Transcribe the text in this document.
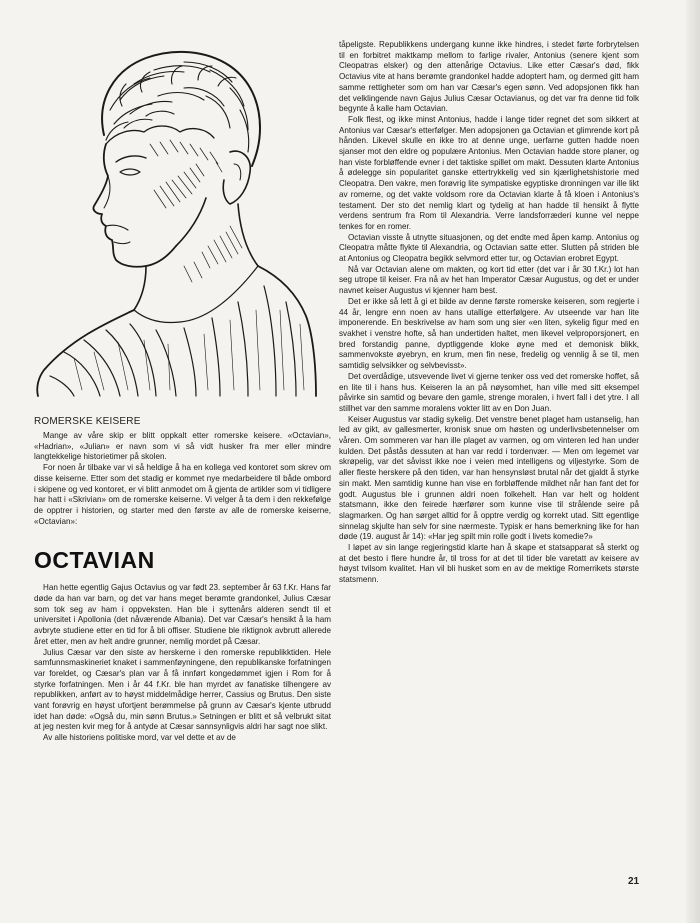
ROMERSKE KEISERE

Mange av våre skip er blitt oppkalt etter romerske keisere. «Octavian», «Hadrian», «Julian» er navn som vi så vidt husker fra mer eller mindre langtekkelige historietimer på skolen.

For noen år tilbake var vi så heldige å ha en kollega ved kontoret som skrev om disse keiserne. Etter som det stadig er kommet nye medarbeidere til både ombord i skipene og ved kontoret, er vi blitt anmodet om å gjenta de artikler som vi tidligere har hatt i «Skrivian» om de romerske keiserne. Vi velger å ta dem i den rekkefølge de opptrer i historien, og starter med den første av alle de romerske keiserne, «Octavian»:

OCTAVIAN

Han hette egentlig Gajus Octavius og var født 23. september år 63 f.Kr. Hans far døde da han var barn, og det var hans meget berømte grandonkel, Julius Cæsar som tok seg av ham i oppveksten. Han ble i syttenårs alderen sendt til et universitet i Apollonia (det nåværende Albania). Det var Cæsar's hensikt å la ham avbryte studiene etter en tid for å bli offiser. Studiene ble riktignok avbrutt allerede året etter, men av helt andre grunner, nemlig mordet på Cæsar.

Julius Cæsar var den siste av herskerne i den romerske republikktiden. Hele samfunnsmaskineriet knaket i sammenføyningene, den republikanske forfatningen var foreldet, og Cæsar's plan var å få innført kongedømmet igjen i Rom for å styrke forfatningen. Men i år 44 f.Kr. ble han myrdet av fanatiske tilhengere av republikken, anført av to høyst middelmådige herrer, Cassius og Brutus. Den siste vant forøvrig en høyst ufortjent berømmelse på grunn av Cæsar's kjente utbrudd idet han døde: «Også du, min sønn Brutus.» Setningen er blitt et så velbrukt sitat at jeg nesten kvir meg for å antyde at Cæsar sannsynligvis aldri har sagt noe slikt.

Av alle historiens politiske mord, var vel dette et av de

tåpeligste. Republikkens undergang kunne ikke hindres, i stedet førte forbrytelsen til en forbitret maktkamp mellom to farlige rivaler, Antonius (senere kjent som Cleopatras elsker) og den attenårige Octavius. Like etter Cæsar's død, fikk Octavius vite at hans berømte grandonkel hadde adoptert ham, og dermed gitt ham samme rettigheter som om han var Cæsar's egen sønn. Ved adopsjonen fikk han det velklingende navn Gajus Julius Cæsar Octavianus, og det var fra denne tid folk begynte å kalle ham Octavian.

Folk flest, og ikke minst Antonius, hadde i lange tider regnet det som sikkert at Antonius var Cæsar's etterfølger. Men adopsjonen ga Octavian et glimrende kort på hånden. Likevel skulle en ikke tro at denne unge, uerfarne gutten hadde noen sjanser mot den eldre og populære Antonius. Men Octavian hadde store planer, og han viste forbløffende evner i det taktiske spillet om makt. Dessuten klarte Antonius å ødelegge sin popularitet ganske ettertrykkelig ved sin kjærlighetshistorie med Cleopatra. Den vakre, men forøvrig lite sympatiske egyptiske dronningen var ille likt av romerne, og det vakte voldsom rore da Octavian klarte å få kloen i Antonius's testament. Der sto det nemlig klart og tydelig at han hadde til hensikt å flytte verdens sentrum fra Rom til Alexandria. Verre landsforræderi kunne vel neppe tenkes for en romer.

Octavian visste å utnytte situasjonen, og det endte med åpen kamp. Antonius og Cleopatra måtte flykte til Alexandria, og Octavian satte etter. Slutten på striden ble at Antonius og Cleopatra begikk selvmord etter tur, og Octavian erobret Egypt.

Nå var Octavian alene om makten, og kort tid etter (det var i år 30 f.Kr.) lot han seg utrope til keiser. Fra nå av het han Imperator Cæsar Augustus, og det er under navnet keiser Augustus vi kjenner ham best.

Det er ikke så lett å gi et bilde av denne første romerske keiseren, som regjerte i 44 år, lengre enn noen av hans utallige etterfølgere. Av utseende var han lite imponerende. En beskrivelse av ham som ung sier «en liten, sykelig figur med en svakhet i venstre hofte, så han undertiden haltet, men likevel velproporsjonert, en bred forstandig panne, dyptliggende kloke øyne med et demonisk blikk, sammenvokste øyebryn, en krum, men fin nese, fredelig og vennlig å se til, men samtidig selvsikker og selvbevisst».

Det overdådige, utsvevende livet vi gjerne tenker oss ved det romerske hoffet, så en lite til i hans hus. Keiseren la an på nøysomhet, han ville med sitt eksempel påvirke sin samtid og bevare den gamle, strenge moralen, i hvert fall i det ytre. I all stillhet var den samme moralens vokter litt av en Don Juan.

Keiser Augustus var stadig sykelig. Det venstre benet plaget ham ustanselig, han led av gikt, av gallesmerter, kronisk snue om høsten og underlivsbetennelser om våren. Om sommeren var han ille plaget av varmen, og om vinteren led han under kulden. Det påstås dessuten at han var redd i tordenvær. — Men om legemet var skrøpelig, var det såvisst ikke noe i veien med intelligens og viljestyrke. Som de aller fleste herskere på den tiden, var han hensynsløst brutal når det gjaldt å styrke sin makt. Men samtidig kunne han vise en forbløffende mildhet når han fant det for godt. Augustus ble i grunnen aldri noen folkehelt. Han var helt og holdent statsmann, ikke den feirede hærfører som kunne vise til strålende seire på slagmarken. Og han sørget alltid for å opptre verdig og korrekt utad. Sitt egentlige sinnelag skjulte han selv for sine nærmeste. Typisk er hans bemerkning like for han døde (19. august år 14): «Har jeg spilt min rolle godt i livets komedie?»

I løpet av sin lange regjeringstid klarte han å skape et statsapparat så sterkt og at det besto i flere hundre år, til tross for at det til tider ble varetatt av keisere av høyst tvilsom kvalitet. Han vil bli husket som en av de mektige Romerrikets største statsmenn.

21
